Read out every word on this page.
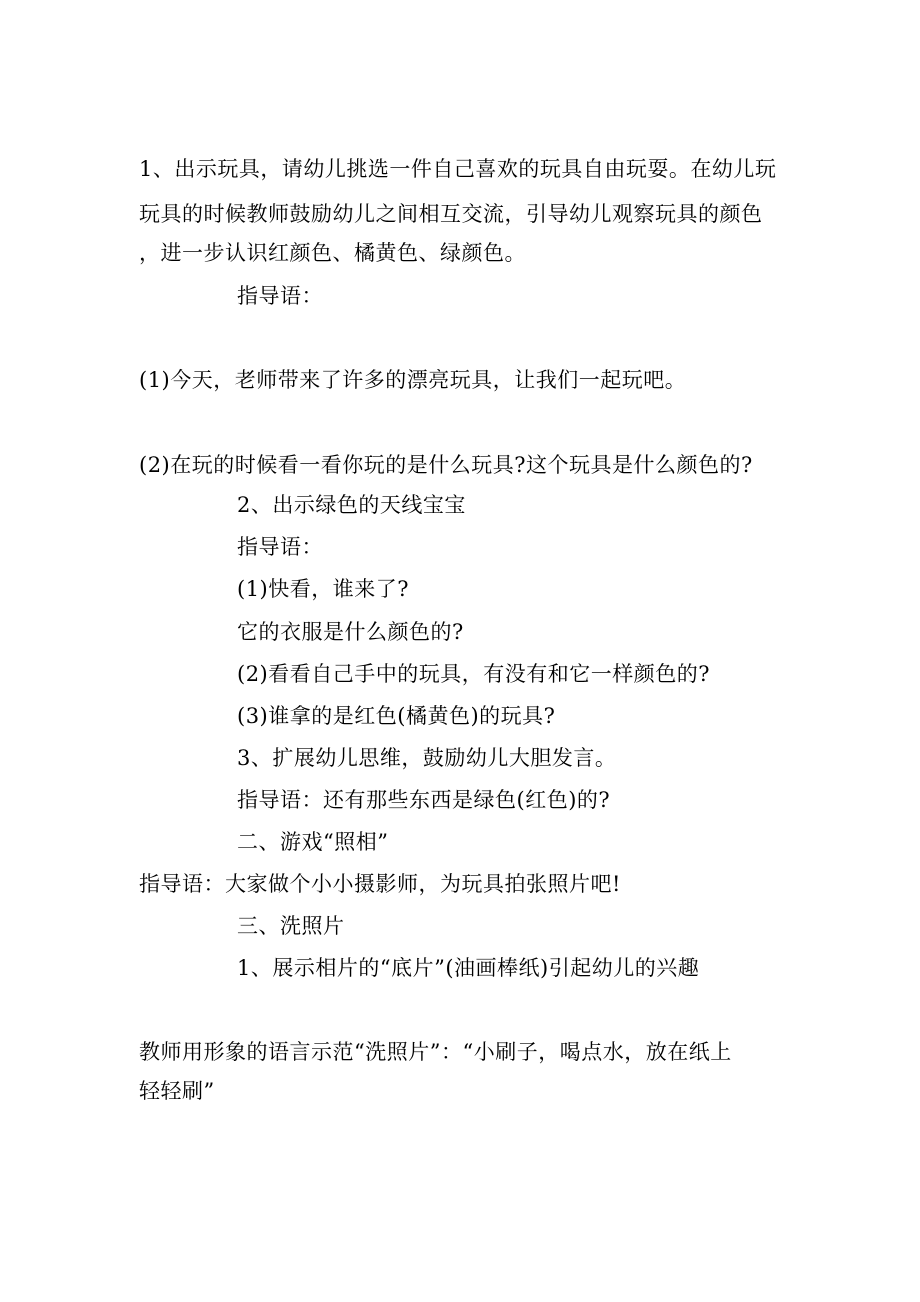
1、出示玩具，请幼儿挑选一件自己喜欢的玩具自由玩耍。在幼儿玩
玩具的时候教师鼓励幼儿之间相互交流，引导幼儿观察玩具的颜色
，进一步认识红颜色、橘黄色、绿颜色。
指导语：
(1)今天，老师带来了许多的漂亮玩具，让我们一起玩吧。
(2)在玩的时候看一看你玩的是什么玩具?这个玩具是什么颜色的?
2、出示绿色的天线宝宝
指导语：
(1)快看，谁来了?
它的衣服是什么颜色的?
(2)看看自己手中的玩具，有没有和它一样颜色的?
(3)谁拿的是红色(橘黄色)的玩具?
3、扩展幼儿思维，鼓励幼儿大胆发言。
指导语：还有那些东西是绿色(红色)的?
二、游戏“照相”
指导语：大家做个小小摄影师，为玩具拍张照片吧!
三、洗照片
1、展示相片的“底片”(油画棒纸)引起幼儿的兴趣
教师用形象的语言示范“洗照片”：“小刷子，喝点水，放在纸上
轻轻刷”
